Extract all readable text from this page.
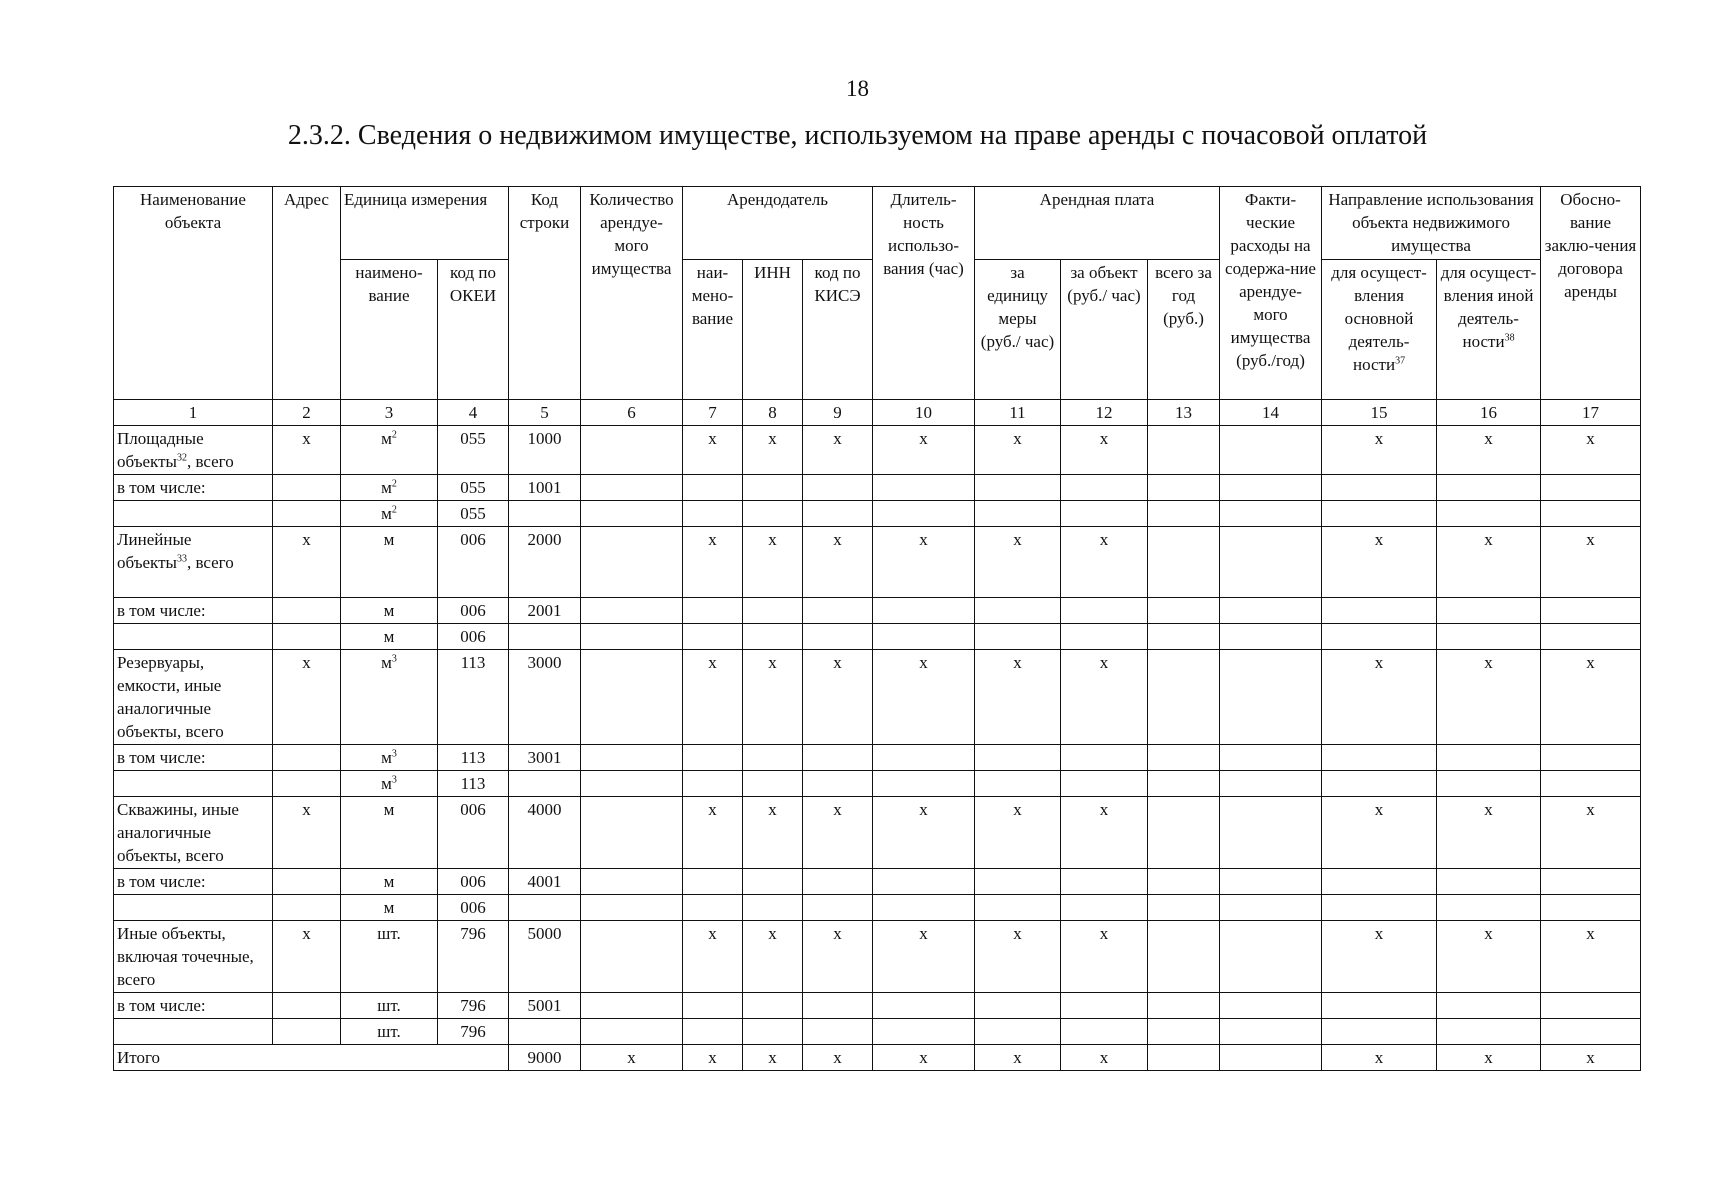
18
2.3.2. Сведения о недвижимом имуществе, используемом на праве аренды с почасовой оплатой
Наименование объекта	Адрес	Единица измерения		Код строки	Количество арендуе-мого имущества	Арендодатель			Длитель-ность использо-вания (час)	Арендная плата			Факти-ческие расходы на содержа-ние арендуе-мого имущества (руб./год)	Направление использования объекта недвижимого имущества		Обосно-вание заклю-чения договора аренды
		наимено-вание	код по ОКЕИ			наи-мено-вание	ИНН	код по КИСЭ		за единицу меры (руб./ час)	за объект (руб./ час)	всего за год (руб.)		для осущест-вления основной деятель-ности$^{37}$	для осущест-вления иной деятель-ности$^{38}$
1	2	3	4	5	6	7	8	9	10	11	12	13	14	15	16	17
Площадные объекты$^{32}$, всего	х	$м^2$	055	1000		х	х	х	х	х	х			х	х	х
в том числе:		$м^2$	055	1001												
		$м^2$	055													
Линейные объекты$^{33}$, всего	х	м	006	2000		х	х	х	х	х	х			х	х	х
в том числе:		м	006	2001												
		м	006													
Резервуары, емкости, иные аналогичные объекты, всего	х	$м^3$	113	3000		х	х	х	х	х	х			х	х	х
в том числе:		$м^3$	113	3001												
		$м^3$	113													
Скважины, иные аналогичные объекты, всего	х	м	006	4000		х	х	х	х	х	х			х	х	х
в том числе:		м	006	4001												
		м	006													
Иные объекты, включая точечные, всего	х	шт.	796	5000		х	х	х	х	х	х			х	х	х
в том числе:		шт.	796	5001												
		шт.	796													
Итого				9000	х	х	х	х	х	х	х			х	х	х
